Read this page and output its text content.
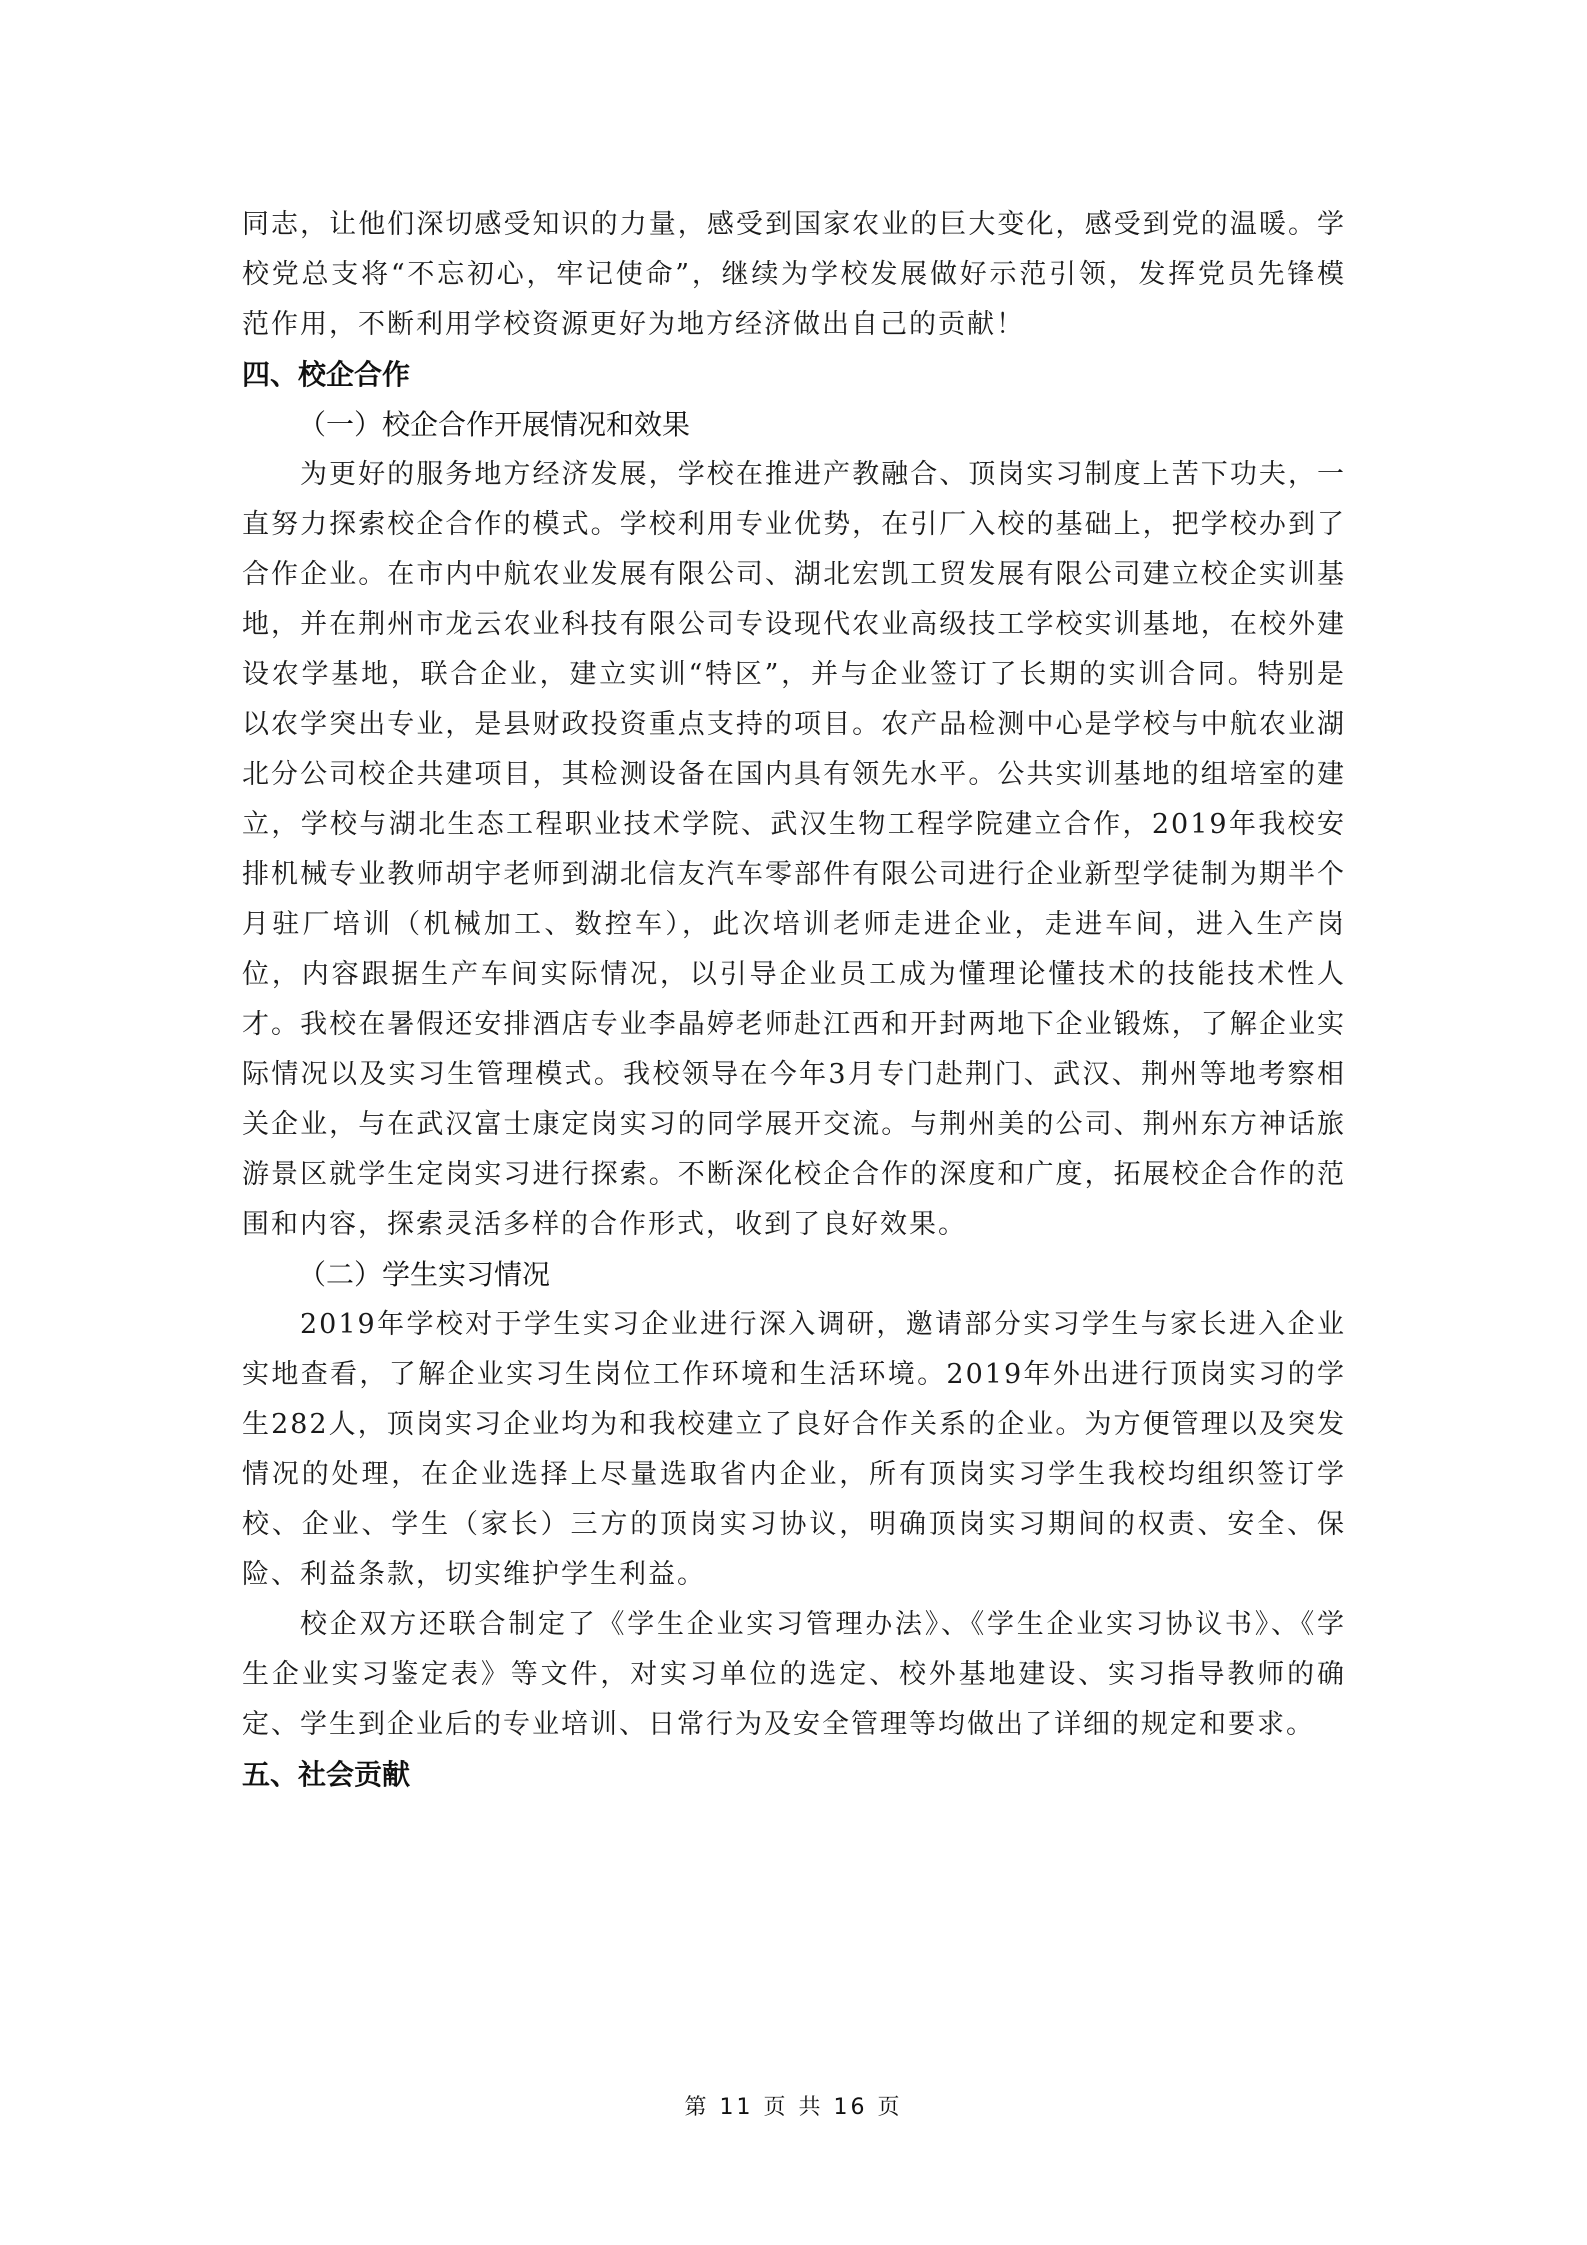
同志，让他们深切感受知识的力量，感受到国家农业的巨大变化，感受到党的温暖。学校党总支将“不忘初心，牢记使命”，继续为学校发展做好示范引领，发挥党员先锋模范作用，不断利用学校资源更好为地方经济做出自己的贡献！

四、校企合作
（一）校企合作开展情况和效果

为更好的服务地方经济发展，学校在推进产教融合、顶岗实习制度上苦下功夫，一直努力探索校企合作的模式。学校利用专业优势，在引厂入校的基础上，把学校办到了合作企业。在市内中航农业发展有限公司、湖北宏凯工贸发展有限公司建立校企实训基地，并在荆州市龙云农业科技有限公司专设现代农业高级技工学校实训基地，在校外建设农学基地，联合企业，建立实训“特区”，并与企业签订了长期的实训合同。特别是以农学突出专业，是县财政投资重点支持的项目。农产品检测中心是学校与中航农业湖北分公司校企共建项目，其检测设备在国内具有领先水平。公共实训基地的组培室的建立，学校与湖北生态工程职业技术学院、武汉生物工程学院建立合作，2019年我校安排机械专业教师胡宇老师到湖北信友汽车零部件有限公司进行企业新型学徒制为期半个月驻厂培训（机械加工、数控车），此次培训老师走进企业，走进车间，进入生产岗位，内容跟据生产车间实际情况，以引导企业员工成为懂理论懂技术的技能技术性人才。我校在暑假还安排酒店专业李晶婷老师赴江西和开封两地下企业锻炼，了解企业实际情况以及实习生管理模式。我校领导在今年3月专门赴荆门、武汉、荆州等地考察相关企业，与在武汉富士康定岗实习的同学展开交流。与荆州美的公司、荆州东方神话旅游景区就学生定岗实习进行探索。不断深化校企合作的深度和广度，拓展校企合作的范围和内容，探索灵活多样的合作形式，收到了良好效果。

（二）学生实习情况

2019年学校对于学生实习企业进行深入调研，邀请部分实习学生与家长进入企业实地查看，了解企业实习生岗位工作环境和生活环境。2019年外出进行顶岗实习的学生282人，顶岗实习企业均为和我校建立了良好合作关系的企业。为方便管理以及突发情况的处理，在企业选择上尽量选取省内企业，所有顶岗实习学生我校均组织签订学校、企业、学生（家长）三方的顶岗实习协议，明确顶岗实习期间的权责、安全、保险、利益条款，切实维护学生利益。

校企双方还联合制定了《学生企业实习管理办法》、《学生企业实习协议书》、《学生企业实习鉴定表》等文件，对实习单位的选定、校外基地建设、实习指导教师的确定、学生到企业后的专业培训、日常行为及安全管理等均做出了详细的规定和要求。

五、社会贡献
第 11 页 共 16 页
